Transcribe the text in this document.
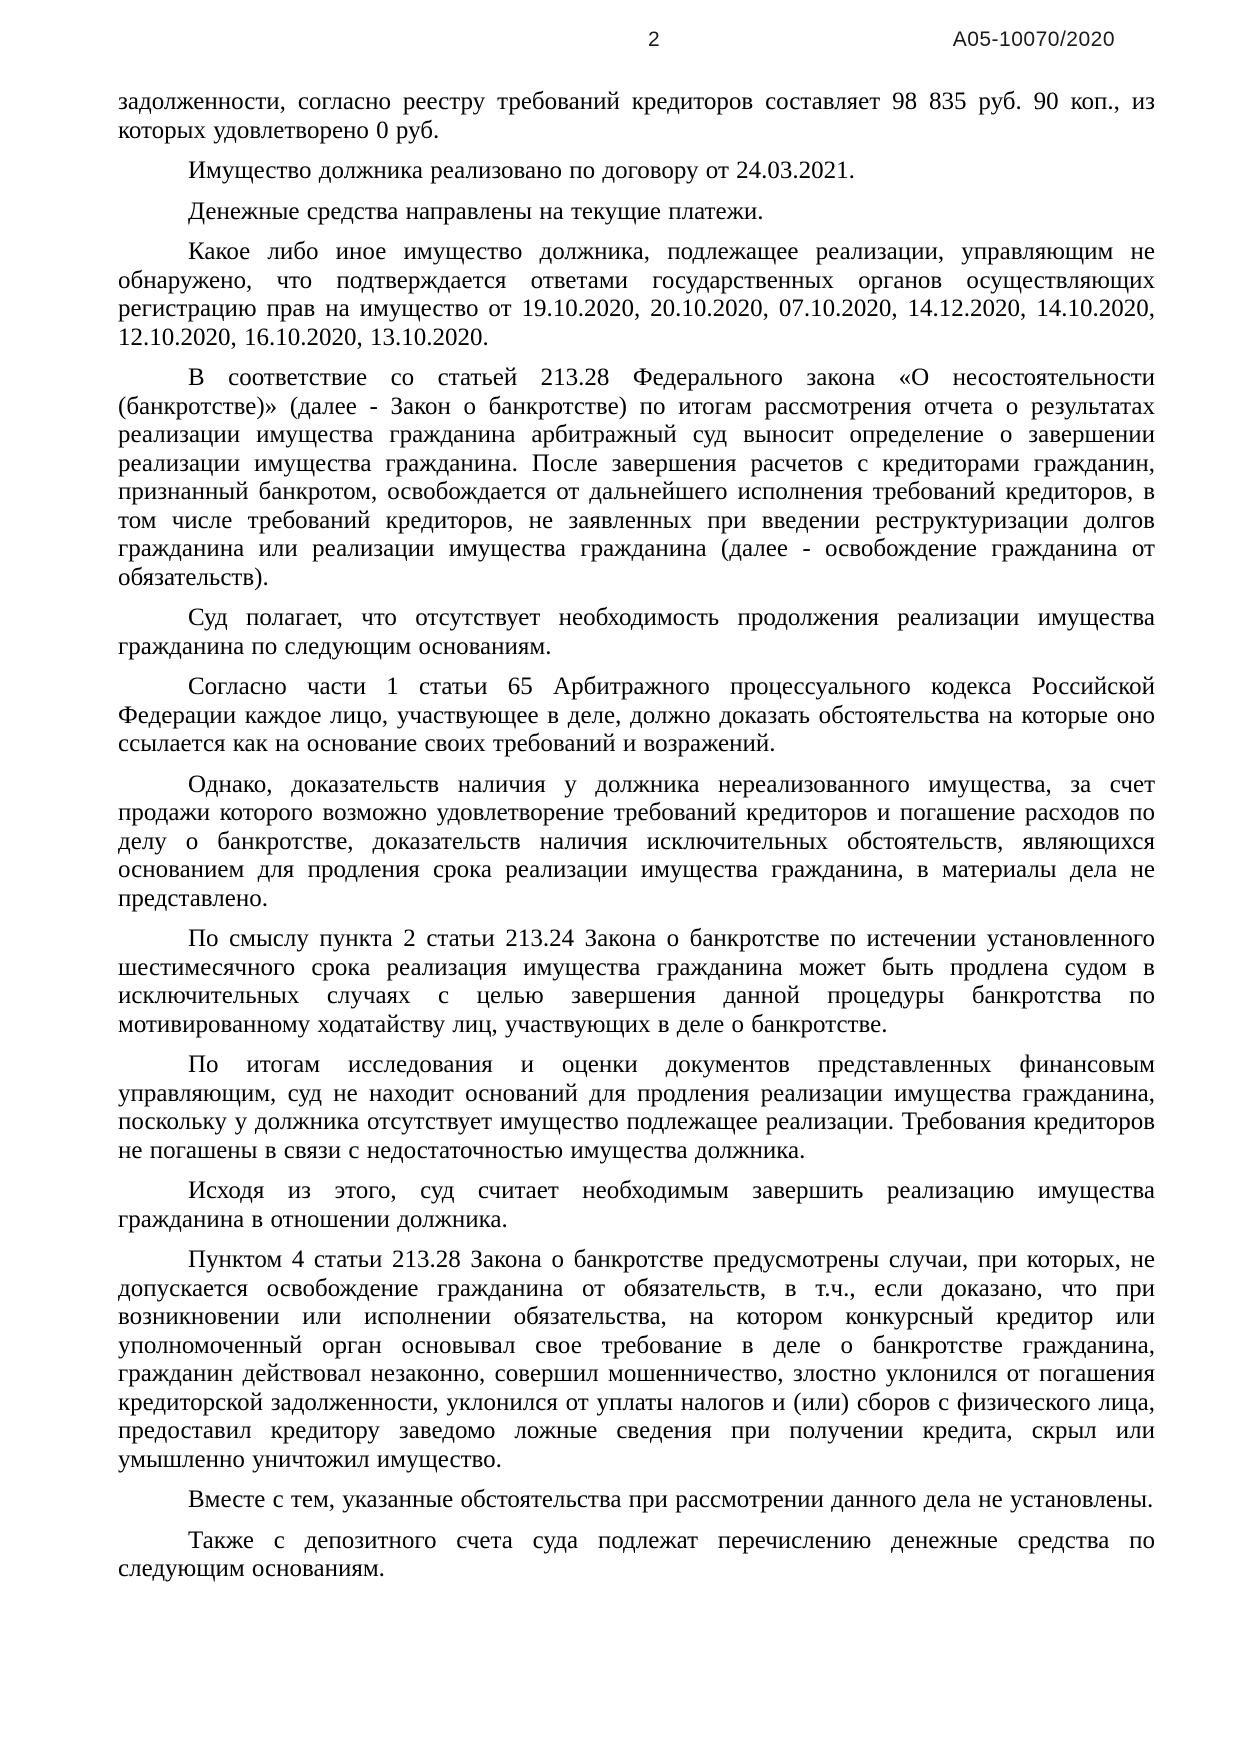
2	А05-10070/2020

задолженности, согласно реестру требований кредиторов составляет 98 835 руб. 90 коп., из которых удовлетворено 0 руб.

Имущество должника реализовано по договору от 24.03.2021.

Денежные средства направлены на текущие платежи.

Какое либо иное имущество должника, подлежащее реализации, управляющим не обнаружено, что подтверждается ответами государственных органов осуществляющих регистрацию прав на имущество от 19.10.2020, 20.10.2020, 07.10.2020, 14.12.2020, 14.10.2020, 12.10.2020, 16.10.2020, 13.10.2020.

В соответствие со статьей 213.28 Федерального закона «О несостоятельности (банкротстве)» (далее - Закон о банкротстве) по итогам рассмотрения отчета о результатах реализации имущества гражданина арбитражный суд выносит определение о завершении реализации имущества гражданина. После завершения расчетов с кредиторами гражданин, признанный банкротом, освобождается от дальнейшего исполнения требований кредиторов, в том числе требований кредиторов, не заявленных при введении реструктуризации долгов гражданина или реализации имущества гражданина (далее - освобождение гражданина от обязательств).

Суд полагает, что отсутствует необходимость продолжения реализации имущества гражданина по следующим основаниям.

Согласно части 1 статьи 65 Арбитражного процессуального кодекса Российской Федерации каждое лицо, участвующее в деле, должно доказать обстоятельства на которые оно ссылается как на основание своих требований и возражений.

Однако, доказательств наличия у должника нереализованного имущества, за счет продажи которого возможно удовлетворение требований кредиторов и погашение расходов по делу о банкротстве, доказательств наличия исключительных обстоятельств, являющихся основанием для продления срока реализации имущества гражданина, в материалы дела не представлено.

По смыслу пункта 2 статьи 213.24 Закона о банкротстве по истечении установленного шестимесячного срока реализация имущества гражданина может быть продлена судом в исключительных случаях с целью завершения данной процедуры банкротства по мотивированному ходатайству лиц, участвующих в деле о банкротстве.

По итогам исследования и оценки документов представленных финансовым управляющим, суд не находит оснований для продления реализации имущества гражданина, поскольку у должника отсутствует имущество подлежащее реализации. Требования кредиторов не погашены в связи с недостаточностью имущества должника.

Исходя из этого, суд считает необходимым завершить реализацию имущества гражданина в отношении должника.

Пунктом 4 статьи 213.28 Закона о банкротстве предусмотрены случаи, при которых, не допускается освобождение гражданина от обязательств, в т.ч., если доказано, что при возникновении или исполнении обязательства, на котором конкурсный кредитор или уполномоченный орган основывал свое требование в деле о банкротстве гражданина, гражданин действовал незаконно, совершил мошенничество, злостно уклонился от погашения кредиторской задолженности, уклонился от уплаты налогов и (или) сборов с физического лица, предоставил кредитору заведомо ложные сведения при получении кредита, скрыл или умышленно уничтожил имущество.

Вместе с тем, указанные обстоятельства при рассмотрении данного дела не установлены.

Также с депозитного счета суда подлежат перечислению денежные средства по следующим основаниям.
